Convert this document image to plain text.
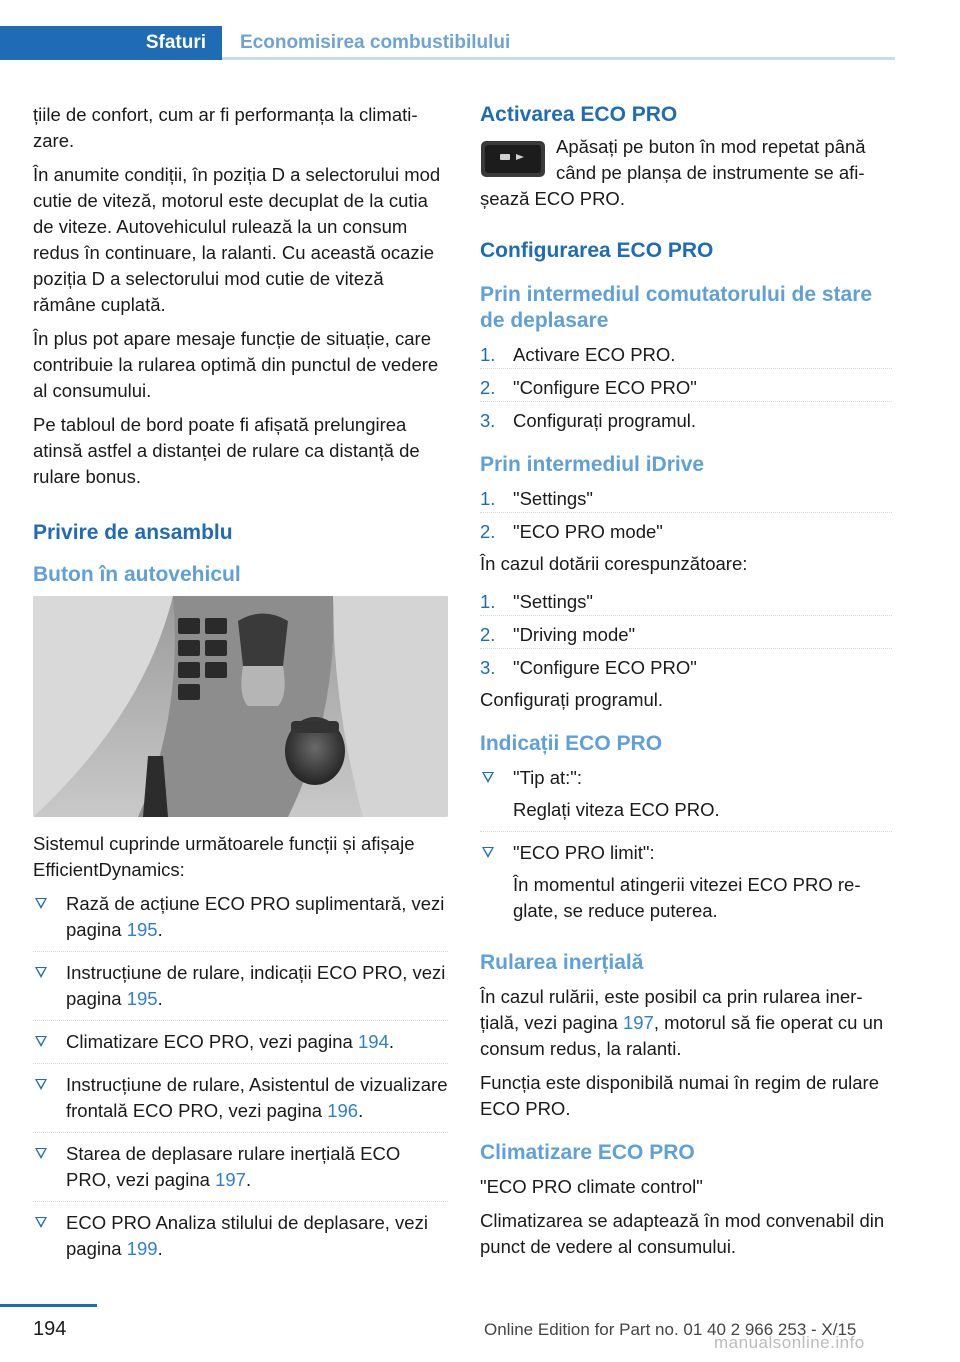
Sfaturi	Economisirea combustibilului

țiile de confort, cum ar fi performanța la climatizare.

În anumite condiții, în poziția D a selectorului mod cutie de viteză, motorul este decuplat de la cutia de viteze. Autovehiculul rulează la un consum redus în continuare, la ralanti. Cu această ocazie poziția D a selectorului mod cutie de viteză rămâne cuplată.

În plus pot apare mesaje funcție de situație, care contribuie la rularea optimă din punctul de vedere al consumului.

Pe tabloul de bord poate fi afișată prelungirea atinsă astfel a distanței de rulare ca distanță de rulare bonus.

Privire de ansamblu
Buton în autovehicul

Sistemul cuprinde următoarele funcții și afișaje EfficientDynamics:

Rază de acțiune ECO PRO suplimentară, vezi pagina 195.
Instrucțiune de rulare, indicații ECO PRO, vezi pagina 195.
Climatizare ECO PRO, vezi pagina 194.
Instrucțiune de rulare, Asistentul de vizualizare frontală ECO PRO, vezi pagina 196.
Starea de deplasare rulare inerțială ECO PRO, vezi pagina 197.
ECO PRO Analiza stilului de deplasare, vezi pagina 199.
Activarea ECO PRO

Apăsați pe buton în mod repetat până când pe planșa de instrumente se afișează ECO PRO.

Configurarea ECO PRO
Prin intermediul comutatorului de stare de deplasare
1. Activare ECO PRO.
2. "Configure ECO PRO"
3. Configurați programul.
Prin intermediul iDrive
1. "Settings"
2. "ECO PRO mode"

În cazul dotării corespunzătoare:

1. "Settings"
2. "Driving mode"
3. "Configure ECO PRO"

Configurați programul.

Indicații ECO PRO
"Tip at:":
Reglați viteza ECO PRO.
"ECO PRO limit":
În momentul atingerii vitezei ECO PRO reglate, se reduce puterea.
Rularea inerțială

În cazul rulării, este posibil ca prin rularea inerțială, vezi pagina 197, motorul să fie operat cu un consum redus, la ralanti.

Funcția este disponibilă numai în regim de rulare ECO PRO.

Climatizare ECO PRO

"ECO PRO climate control"

Climatizarea se adaptează în mod convenabil din punct de vedere al consumului.

194	Online Edition for Part no. 01 40 2 966 253 - X/15
manualsonline.info
